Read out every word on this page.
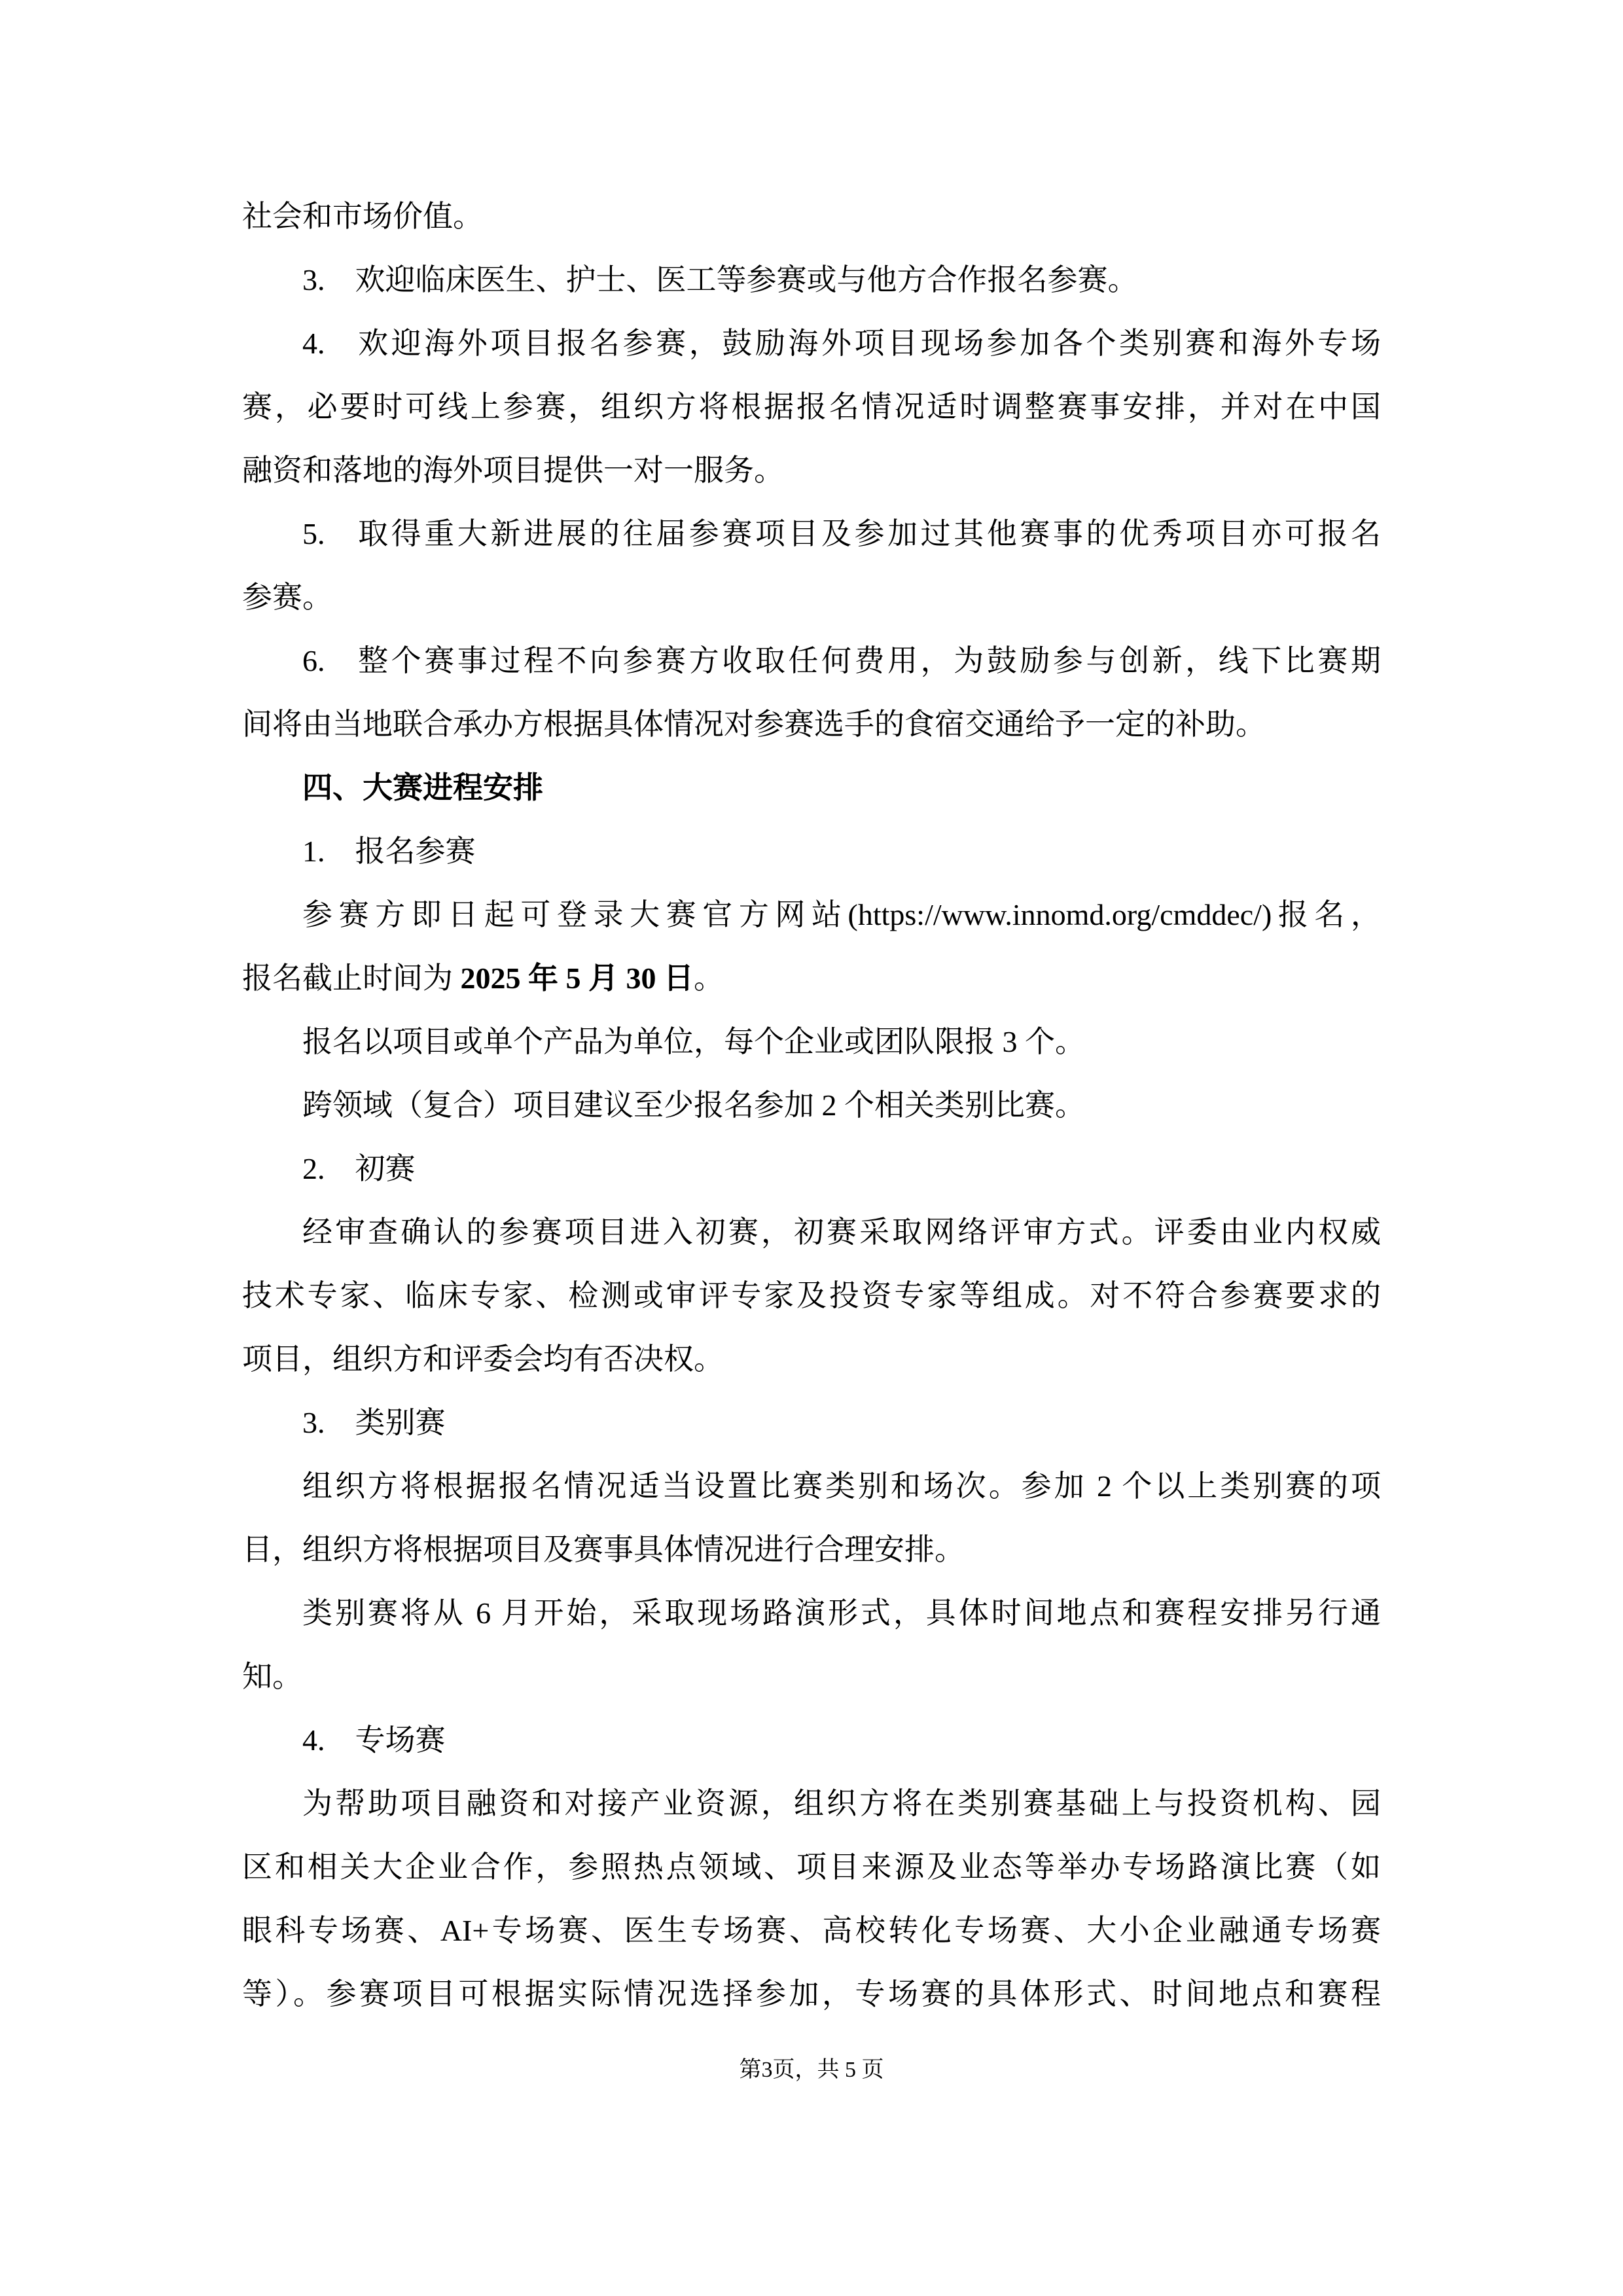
社会和市场价值。
3. 欢迎临床医生、护士、医工等参赛或与他方合作报名参赛。
4. 欢迎海外项目报名参赛，鼓励海外项目现场参加各个类别赛和海外专场
赛，必要时可线上参赛，组织方将根据报名情况适时调整赛事安排，并对在中国
融资和落地的海外项目提供一对一服务。
5. 取得重大新进展的往届参赛项目及参加过其他赛事的优秀项目亦可报名
参赛。
6. 整个赛事过程不向参赛方收取任何费用，为鼓励参与创新，线下比赛期
间将由当地联合承办方根据具体情况对参赛选手的食宿交通给予一定的补助。
四、大赛进程安排
1. 报名参赛
参赛方即日起可登录大赛官方网站(https://www.innomd.org/cmddec/)报名，
报名截止时间为 2025 年 5 月 30 日。
报名以项目或单个产品为单位，每个企业或团队限报 3 个。
跨领域（复合）项目建议至少报名参加 2 个相关类别比赛。
2. 初赛
经审查确认的参赛项目进入初赛，初赛采取网络评审方式。评委由业内权威
技术专家、临床专家、检测或审评专家及投资专家等组成。对不符合参赛要求的
项目，组织方和评委会均有否决权。
3. 类别赛
组织方将根据报名情况适当设置比赛类别和场次。参加 2 个以上类别赛的项
目，组织方将根据项目及赛事具体情况进行合理安排。
类别赛将从 6 月开始，采取现场路演形式，具体时间地点和赛程安排另行通
知。
4. 专场赛
为帮助项目融资和对接产业资源，组织方将在类别赛基础上与投资机构、园
区和相关大企业合作，参照热点领域、项目来源及业态等举办专场路演比赛（如
眼科专场赛、AI+专场赛、医生专场赛、高校转化专场赛、大小企业融通专场赛
等）。参赛项目可根据实际情况选择参加，专场赛的具体形式、时间地点和赛程
第3页，共 5 页
